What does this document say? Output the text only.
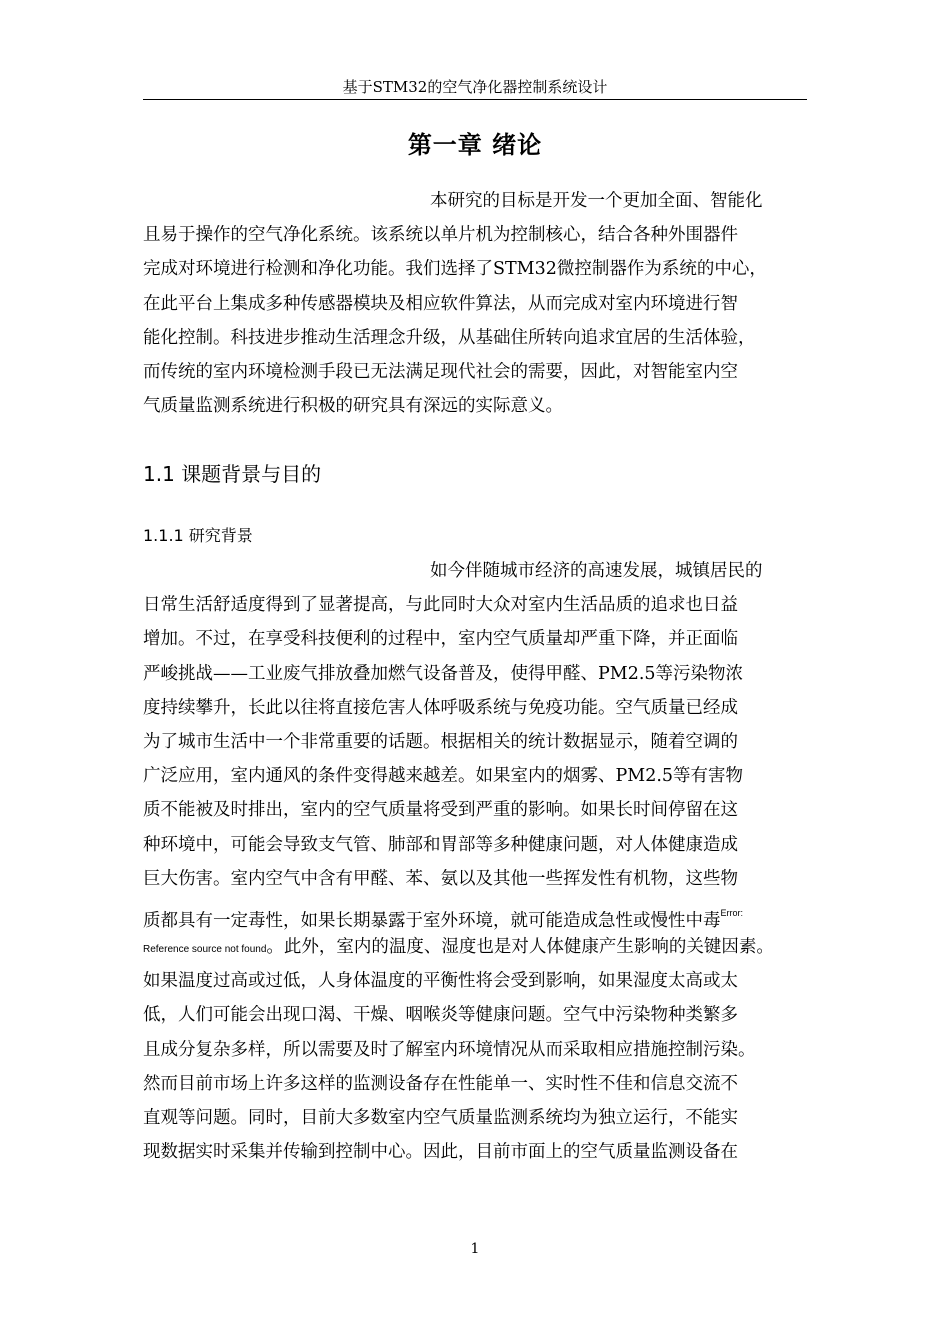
基于STM32的空气净化器控制系统设计
第一章 绪论
本研究的目标是开发一个更加全面、智能化
且易于操作的空气净化系统。该系统以单片机为控制核心，结合各种外围器件
完成对环境进行检测和净化功能。我们选择了STM32微控制器作为系统的中心，
在此平台上集成多种传感器模块及相应软件算法，从而完成对室内环境进行智
能化控制。科技进步推动生活理念升级，从基础住所转向追求宜居的生活体验，
而传统的室内环境检测手段已无法满足现代社会的需要，因此，对智能室内空
气质量监测系统进行积极的研究具有深远的实际意义。
1.1 课题背景与目的
1.1.1 研究背景
如今伴随城市经济的高速发展，城镇居民的
日常生活舒适度得到了显著提高，与此同时大众对室内生活品质的追求也日益
增加。不过，在享受科技便利的过程中，室内空气质量却严重下降，并正面临
严峻挑战——工业废气排放叠加燃气设备普及，使得甲醛、PM2.5等污染物浓
度持续攀升，长此以往将直接危害人体呼吸系统与免疫功能。空气质量已经成
为了城市生活中一个非常重要的话题。根据相关的统计数据显示，随着空调的
广泛应用，室内通风的条件变得越来越差。如果室内的烟雾、PM2.5等有害物
质不能被及时排出，室内的空气质量将受到严重的影响。如果长时间停留在这
种环境中，可能会导致支气管、肺部和胃部等多种健康问题，对人体健康造成
巨大伤害。室内空气中含有甲醛、苯、氨以及其他一些挥发性有机物，这些物
质都具有一定毒性，如果长期暴露于室外环境，就可能造成急性或慢性中毒$^{Error:}$
Reference source not found。此外，室内的温度、湿度也是对人体健康产生影响的关键因素。
如果温度过高或过低，人身体温度的平衡性将会受到影响，如果湿度太高或太
低，人们可能会出现口渴、干燥、咽喉炎等健康问题。空气中污染物种类繁多
且成分复杂多样，所以需要及时了解室内环境情况从而采取相应措施控制污染。
然而目前市场上许多这样的监测设备存在性能单一、实时性不佳和信息交流不
直观等问题。同时，目前大多数室内空气质量监测系统均为独立运行，不能实
现数据实时采集并传输到控制中心。因此，目前市面上的空气质量监测设备在
1
